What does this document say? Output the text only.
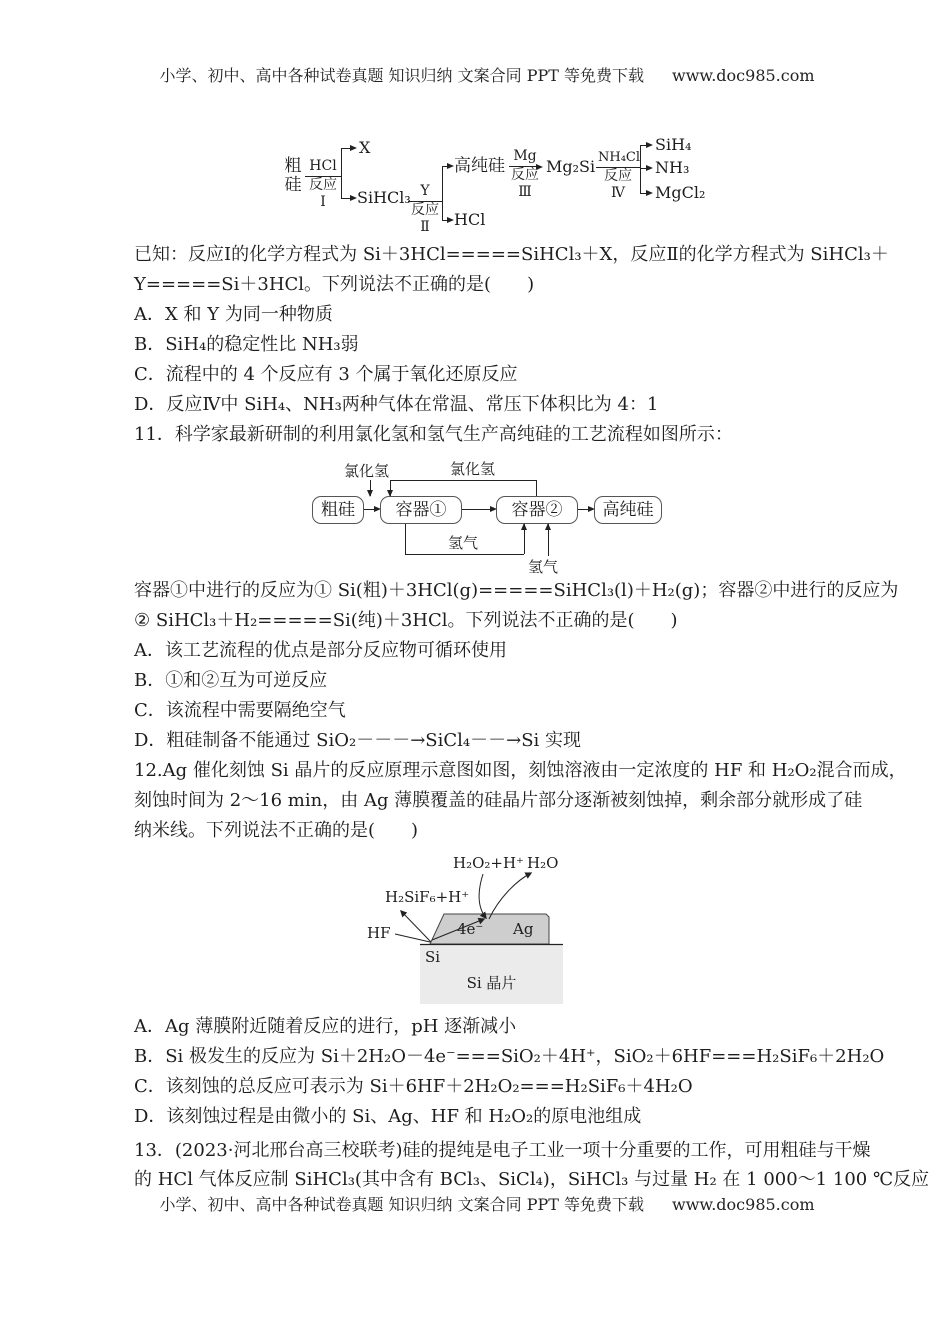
小学、初中、高中各种试卷真题 知识归纳 文案合同 PPT 等免费下载 www.doc985.com
粗硅
HCl
反应
Ⅰ
X
SiHCl₃ Y
反应
Ⅱ
高纯硅
HCl
Mg
反应
Ⅲ
Mg₂Si NH₄Cl
反应
Ⅳ
SiH₄
NH₃
MgCl₂
已知：反应Ⅰ的化学方程式为 Si＋3HCl=====SiHCl₃＋X，反应Ⅱ的化学方程式为 SiHCl₃＋
Y=====Si＋3HCl。下列说法不正确的是(　　)
A．X 和 Y 为同一种物质
B．SiH₄的稳定性比 NH₃弱
C．流程中的 4 个反应有 3 个属于氧化还原反应
D．反应Ⅳ中 SiH₄、NH₃两种气体在常温、常压下体积比为 4：1
11．科学家最新研制的利用氯化氢和氢气生产高纯硅的工艺流程如图所示：
氯化氢	氯化氢
粗硅	容器①	容器②	高纯硅
氢气
氢气
容器①中进行的反应为① Si(粗)＋3HCl(g)=====SiHCl₃(l)＋H₂(g)；容器②中进行的反应为
② SiHCl₃＋H₂=====Si(纯)＋3HCl。下列说法不正确的是(　　)
A．该工艺流程的优点是部分反应物可循环使用
B．①和②互为可逆反应
C．该流程中需要隔绝空气
D．粗硅制备不能通过 SiO₂－－－→SiCl₄－－→Si 实现
12.Ag 催化刻蚀 Si 晶片的反应原理示意图如图，刻蚀溶液由一定浓度的 HF 和 H₂O₂混合而成，
刻蚀时间为 2～16 min，由 Ag 薄膜覆盖的硅晶片部分逐渐被刻蚀掉，剩余部分就形成了硅
纳米线。下列说法不正确的是(　　)
H₂O₂+H⁺ H₂O
H₂SiF₆+H⁺
HF	4e⁻ Ag
Si
Si 晶片
A．Ag 薄膜附近随着反应的进行，pH 逐渐减小
B．Si 极发生的反应为 Si＋2H₂O－4e⁻===SiO₂＋4H⁺，SiO₂＋6HF===H₂SiF₆＋2H₂O
C．该刻蚀的总反应可表示为 Si＋6HF＋2H₂O₂===H₂SiF₆＋4H₂O
D．该刻蚀过程是由微小的 Si、Ag、HF 和 H₂O₂的原电池组成
13．(2023·河北邢台高三校联考)硅的提纯是电子工业一项十分重要的工作，可用粗硅与干燥
的 HCl 气体反应制 SiHCl₃(其中含有 BCl₃、SiCl₄)，SiHCl₃ 与过量 H₂ 在 1 000～1 100 ℃反应
小学、初中、高中各种试卷真题 知识归纳 文案合同 PPT 等免费下载 www.doc985.com
